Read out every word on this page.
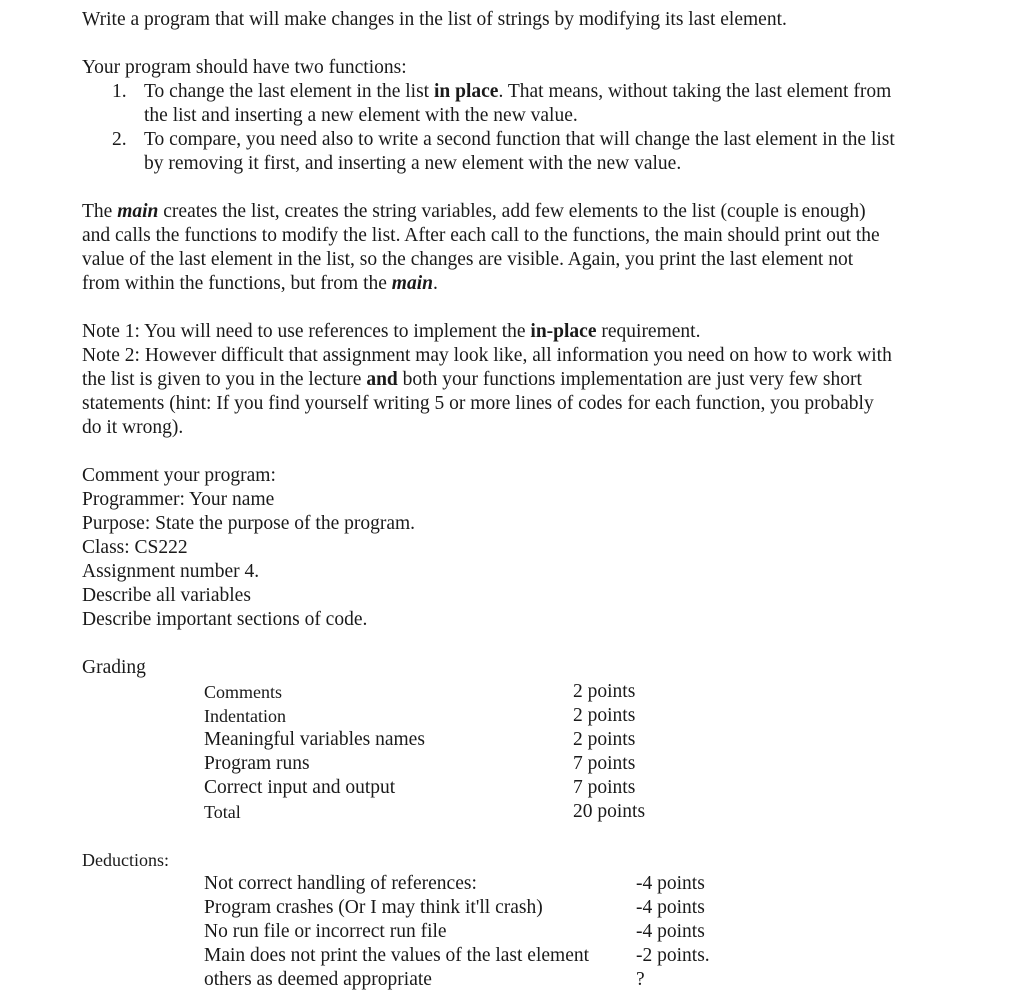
Write a program that will make changes in the list of strings by modifying its last element.
Your program should have two functions:
1. To change the last element in the list in place. That means, without taking the last element from
the list and inserting a new element with the new value.
2. To compare, you need also to write a second function that will change the last element in the list
by removing it first, and inserting a new element with the new value.
The main creates the list, creates the string variables, add few elements to the list (couple is enough)
and calls the functions to modify the list. After each call to the functions, the main should print out the
value of the last element in the list, so the changes are visible. Again, you print the last element not
from within the functions, but from the main.
Note 1: You will need to use references to implement the in-place requirement.
Note 2: However difficult that assignment may look like, all information you need on how to work with
the list is given to you in the lecture and both your functions implementation are just very few short
statements (hint: If you find yourself writing 5 or more lines of codes for each function, you probably
do it wrong).
Comment your program:
Programmer: Your name
Purpose: State the purpose of the program.
Class: CS222
Assignment number 4.
Describe all variables
Describe important sections of code.
Grading
Comments	2 points
Indentation	2 points
Meaningful variables names	2 points
Program runs	7 points
Correct input and output	7 points
Total	20 points
Deductions:
Not correct handling of references:	-4 points
Program crashes (Or I may think it'll crash)	-4 points
No run file or incorrect run file	-4 points
Main does not print the values of the last element -2 points.
others as deemed appropriate	?
